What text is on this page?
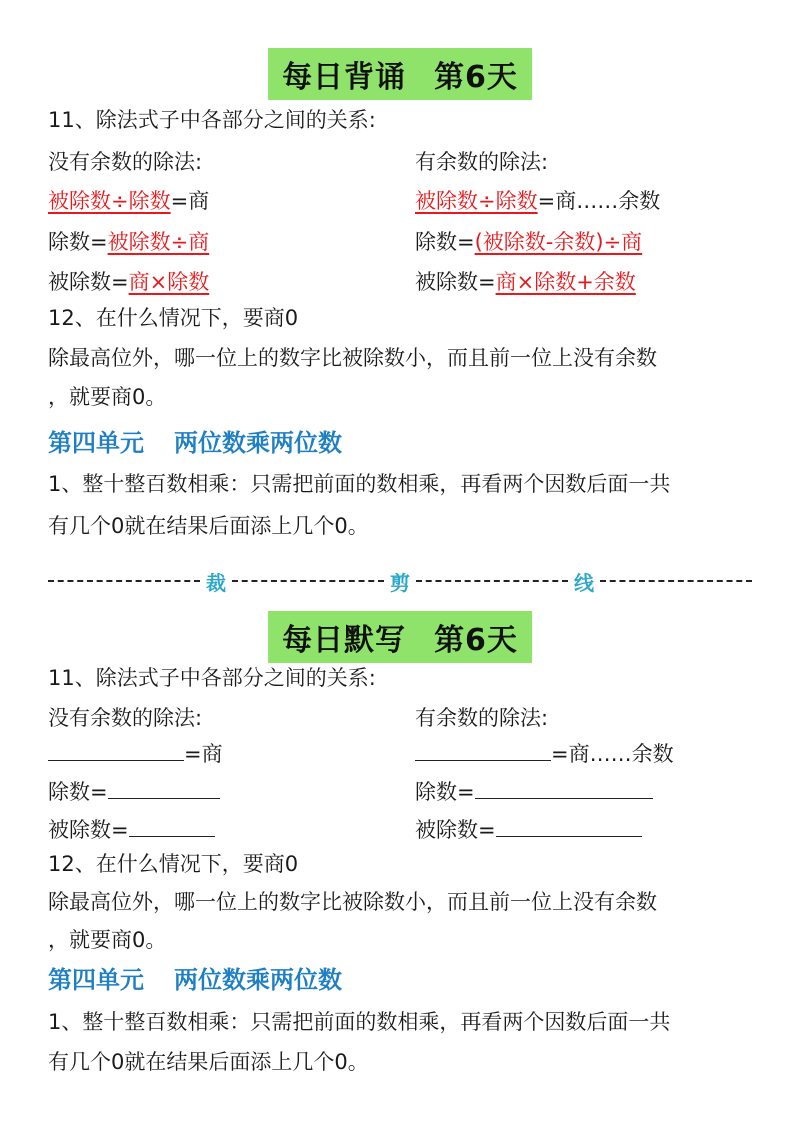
每日背诵 第6天
11、除法式子中各部分之间的关系:
没有余数的除法:	有余数的除法:
被除数÷除数=商	被除数÷除数=商……余数
除数=被除数÷商	除数=(被除数-余数)÷商
被除数=商×除数	被除数=商×除数+余数
12、在什么情况下，要商0
除最高位外，哪一位上的数字比被除数小，而且前一位上没有余数
，就要商0。
第四单元 两位数乘两位数
1、整十整百数相乘：只需把前面的数相乘，再看两个因数后面一共
有几个0就在结果后面添上几个0。
裁	剪	线
每日默写 第6天
11、除法式子中各部分之间的关系:
没有余数的除法:	有余数的除法:
=商	=商……余数
除数=	除数=
被除数=	被除数=
12、在什么情况下，要商0
除最高位外，哪一位上的数字比被除数小，而且前一位上没有余数
，就要商0。
第四单元 两位数乘两位数
1、整十整百数相乘：只需把前面的数相乘，再看两个因数后面一共
有几个0就在结果后面添上几个0。
